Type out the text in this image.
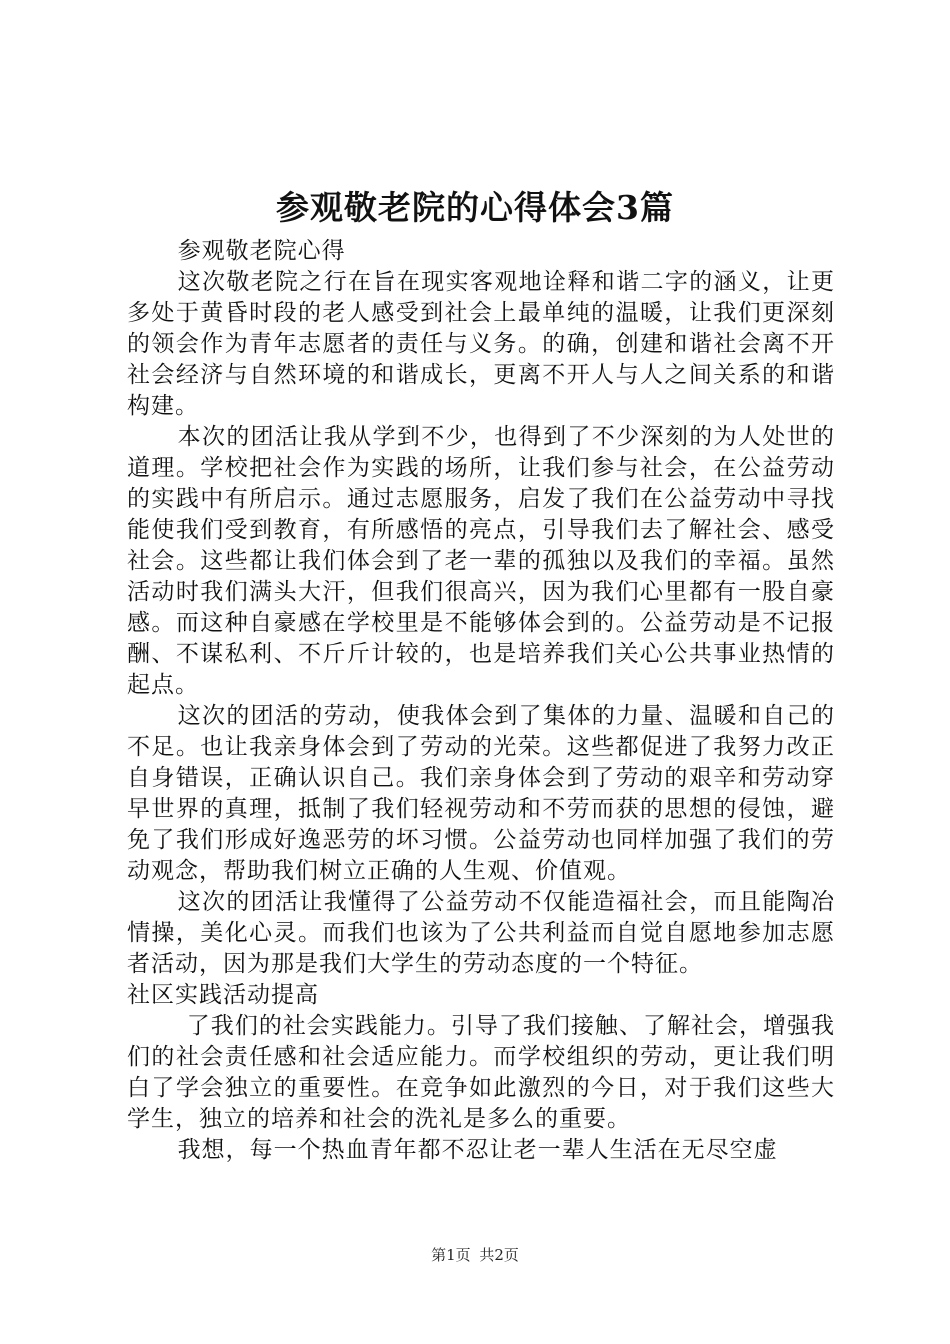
参观敬老院的心得体会3篇

参观敬老院心得

这次敬老院之行在旨在现实客观地诠释和谐二字的涵义，让更多处于黄昏时段的老人感受到社会上最单纯的温暖，让我们更深刻的领会作为青年志愿者的责任与义务。的确，创建和谐社会离不开社会经济与自然环境的和谐成长，更离不开人与人之间关系的和谐构建。

本次的团活让我从学到不少，也得到了不少深刻的为人处世的道理。学校把社会作为实践的场所，让我们参与社会，在公益劳动的实践中有所启示。通过志愿服务，启发了我们在公益劳动中寻找能使我们受到教育，有所感悟的亮点，引导我们去了解社会、感受社会。这些都让我们体会到了老一辈的孤独以及我们的幸福。虽然活动时我们满头大汗，但我们很高兴，因为我们心里都有一股自豪感。而这种自豪感在学校里是不能够体会到的。公益劳动是不记报酬、不谋私利、不斤斤计较的，也是培养我们关心公共事业热情的起点。

这次的团活的劳动，使我体会到了集体的力量、温暖和自己的不足。也让我亲身体会到了劳动的光荣。这些都促进了我努力改正自身错误，正确认识自己。我们亲身体会到了劳动的艰辛和劳动穿早世界的真理，抵制了我们轻视劳动和不劳而获的思想的侵蚀，避免了我们形成好逸恶劳的坏习惯。公益劳动也同样加强了我们的劳动观念，帮助我们树立正确的人生观、价值观。

这次的团活让我懂得了公益劳动不仅能造福社会，而且能陶冶情操，美化心灵。而我们也该为了公共利益而自觉自愿地参加志愿者活动，因为那是我们大学生的劳动态度的一个特征。

社区实践活动提高

了我们的社会实践能力。引导了我们接触、了解社会，增强我们的社会责任感和社会适应能力。而学校组织的劳动，更让我们明白了学会独立的重要性。在竞争如此激烈的今日，对于我们这些大学生，独立的培养和社会的洗礼是多么的重要。

我想，每一个热血青年都不忍让老一辈人生活在无尽空虚

第1页 共2页
